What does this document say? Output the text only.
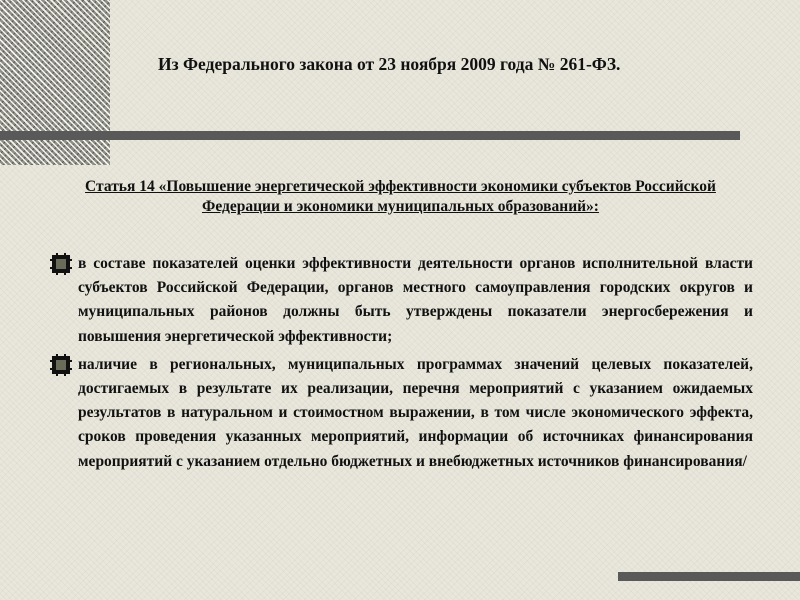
Из Федерального закона от 23 ноября 2009 года № 261-ФЗ.
Статья 14 «Повышение энергетической эффективности экономики субъектов Российской Федерации и экономики муниципальных образований»:
в составе показателей оценки эффективности деятельности органов исполнительной власти субъектов Российской Федерации, органов местного самоуправления городских округов и муниципальных районов должны быть утверждены показатели энергосбережения и повышения энергетической эффективности;
наличие в региональных, муниципальных программах значений целевых показателей, достигаемых в результате их реализации, перечня мероприятий с указанием ожидаемых результатов в натуральном и стоимостном выражении, в том числе экономического эффекта, сроков проведения указанных мероприятий, информации об источниках финансирования мероприятий с указанием отдельно бюджетных и внебюджетных источников финансирования/
